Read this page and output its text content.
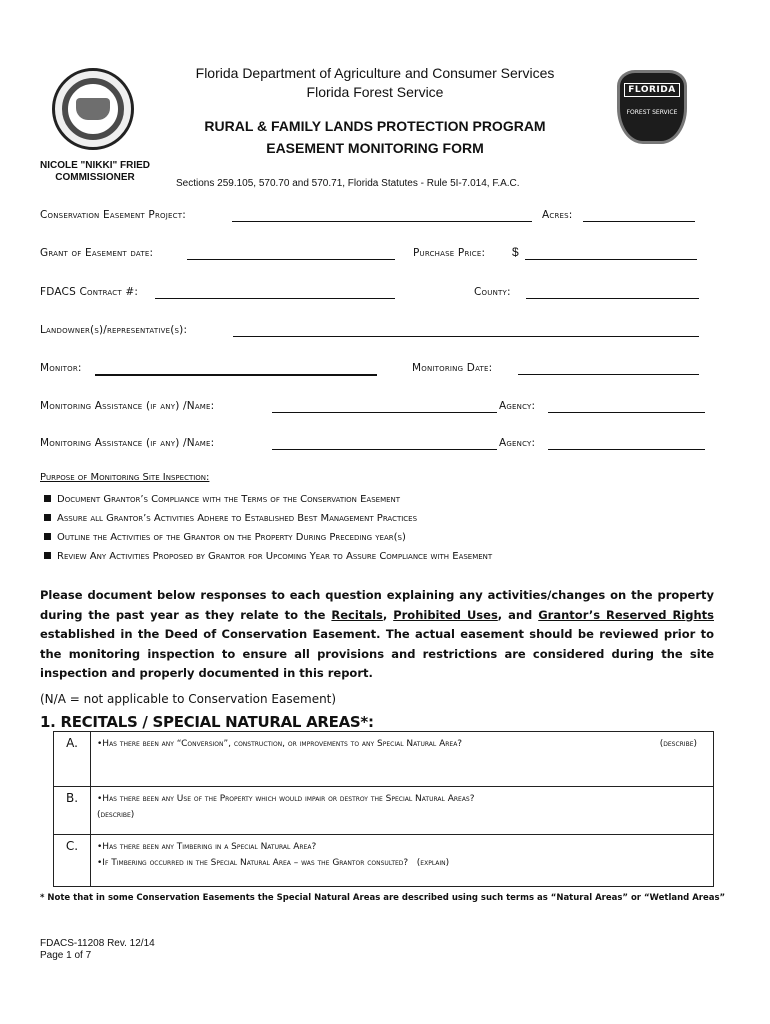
FLORIDA
FOREST SERVICE
Florida Department of Agriculture and Consumer Services
Florida Forest Service
RURAL & FAMILY LANDS PROTECTION PROGRAM
EASEMENT MONITORING FORM
NICOLE "NIKKI" FRIED
COMMISSIONER
Sections 259.105, 570.70 and 570.71, Florida Statutes - Rule 5I-7.014, F.A.C.
Conservation Easement Project:	Acres:
Grant of Easement date:	Purchase Price: $
FDACS Contract #:	County:
Landowner(s)/representative(s):
Monitor:	Monitoring Date:
Monitoring Assistance (if any) /Name:	Agency:
Monitoring Assistance (if any) /Name:	Agency:
Purpose of Monitoring Site Inspection:
Document Grantor’s Compliance with the Terms of the Conservation Easement
Assure all Grantor’s Activities Adhere to Established Best Management Practices
Outline the Activities of the Grantor on the Property During Preceding year(s)
Review Any Activities Proposed by Grantor for Upcoming Year to Assure Compliance with Easement
Please document below responses to each question explaining any activities/changes on the property during the past year as they relate to the Recitals, Prohibited Uses, and Grantor’s Reserved Rights established in the Deed of Conservation Easement. The actual easement should be reviewed prior to the monitoring inspection to ensure all provisions and restrictions are considered during the site inspection and properly documented in this report.
(N/A = not applicable to Conservation Easement)
1. RECITALS / SPECIAL NATURAL AREAS*:
A.	•Has there been any “Conversion”, construction, or improvements to any Special Natural Area? (describe)

B.	•Has there been any Use of the Property which would impair or destroy the Special Natural Areas?
(describe)

C.	•Has there been any Timbering in a Special Natural Area?
•If Timbering occurred in the Special Natural Area – was the Grantor consulted? (explain)
* Note that in some Conservation Easements the Special Natural Areas are described using such terms as “Natural Areas” or “Wetland Areas”
FDACS-11208 Rev. 12/14
Page 1 of 7
